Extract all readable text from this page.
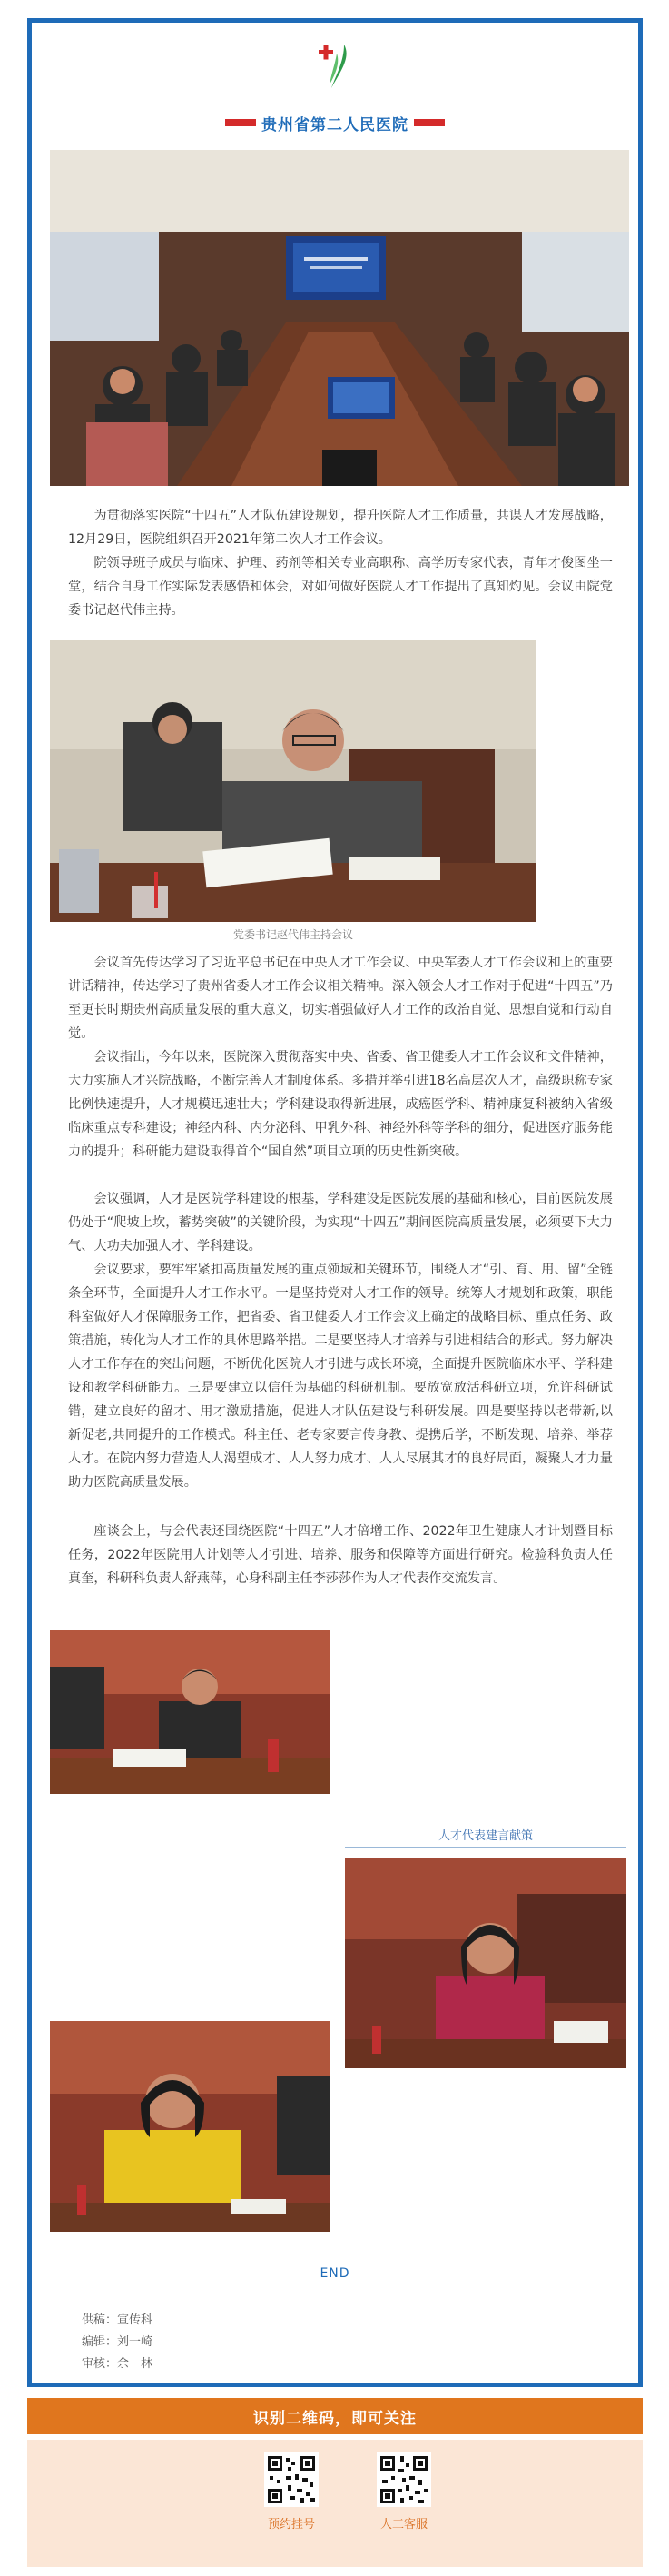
贵州省第二人民医院

为贯彻落实医院“十四五”人才队伍建设规划，提升医院人才工作质量，共谋人才发展战略，12月29日，医院组织召开2021年第二次人才工作会议。

院领导班子成员与临床、护理、药剂等相关专业高职称、高学历专家代表，青年才俊图坐一堂，结合自身工作实际发表感悟和体会，对如何做好医院人才工作提出了真知灼见。会议由院党委书记赵代伟主持。

党委书记赵代伟主持会议

会议首先传达学习了习近平总书记在中央人才工作会议、中央军委人才工作会议和上的重要讲话精神，传达学习了贵州省委人才工作会议相关精神。深入领会人才工作对于促进“十四五”乃至更长时期贵州高质量发展的重大意义，切实增强做好人才工作的政治自觉、思想自觉和行动自觉。

会议指出，今年以来，医院深入贯彻落实中央、省委、省卫健委人才工作会议和文件精神，大力实施人才兴院战略，不断完善人才制度体系。多措并举引进18名高层次人才，高级职称专家比例快速提升，人才规模迅速壮大；学科建设取得新进展，成癌医学科、精神康复科被纳入省级临床重点专科建设；神经内科、内分泌科、甲乳外科、神经外科等学科的细分，促进医疗服务能力的提升；科研能力建设取得首个“国自然”项目立项的历史性新突破。

会议强调，人才是医院学科建设的根基，学科建设是医院发展的基础和核心，目前医院发展仍处于“爬坡上坎，蓄势突破”的关键阶段，为实现“十四五”期间医院高质量发展，必须要下大力气、大功夫加强人才、学科建设。

会议要求，要牢牢紧扣高质量发展的重点领域和关键环节，围绕人才“引、育、用、留”全链条全环节，全面提升人才工作水平。一是坚持党对人才工作的领导。统筹人才规划和政策，职能科室做好人才保障服务工作，把省委、省卫健委人才工作会议上确定的战略目标、重点任务、政策措施，转化为人才工作的具体思路举措。二是要坚持人才培养与引进相结合的形式。努力解决人才工作存在的突出问题，不断优化医院人才引进与成长环境，全面提升医院临床水平、学科建设和教学科研能力。三是要建立以信任为基础的科研机制。要放宽放活科研立项，允许科研试错，建立良好的留才、用才激励措施，促进人才队伍建设与科研发展。四是要坚持以老带新,以新促老,共同提升的工作模式。科主任、老专家要言传身教、提携后学，不断发现、培养、举荐人才。在院内努力营造人人渴望成才、人人努力成才、人人尽展其才的良好局面，凝聚人才力量助力医院高质量发展。

座谈会上，与会代表还围绕医院“十四五”人才倍增工作、2022年卫生健康人才计划暨目标任务，2022年医院用人计划等人才引进、培养、服务和保障等方面进行研究。检验科负责人任真奎，科研科负责人舒燕萍，心身科副主任李莎莎作为人才代表作交流发言。

人才代表建言献策
END
供稿：宣传科
编辑：刘一崎
审核：余　林
识别二维码，即可关注
预约挂号	人工客服
